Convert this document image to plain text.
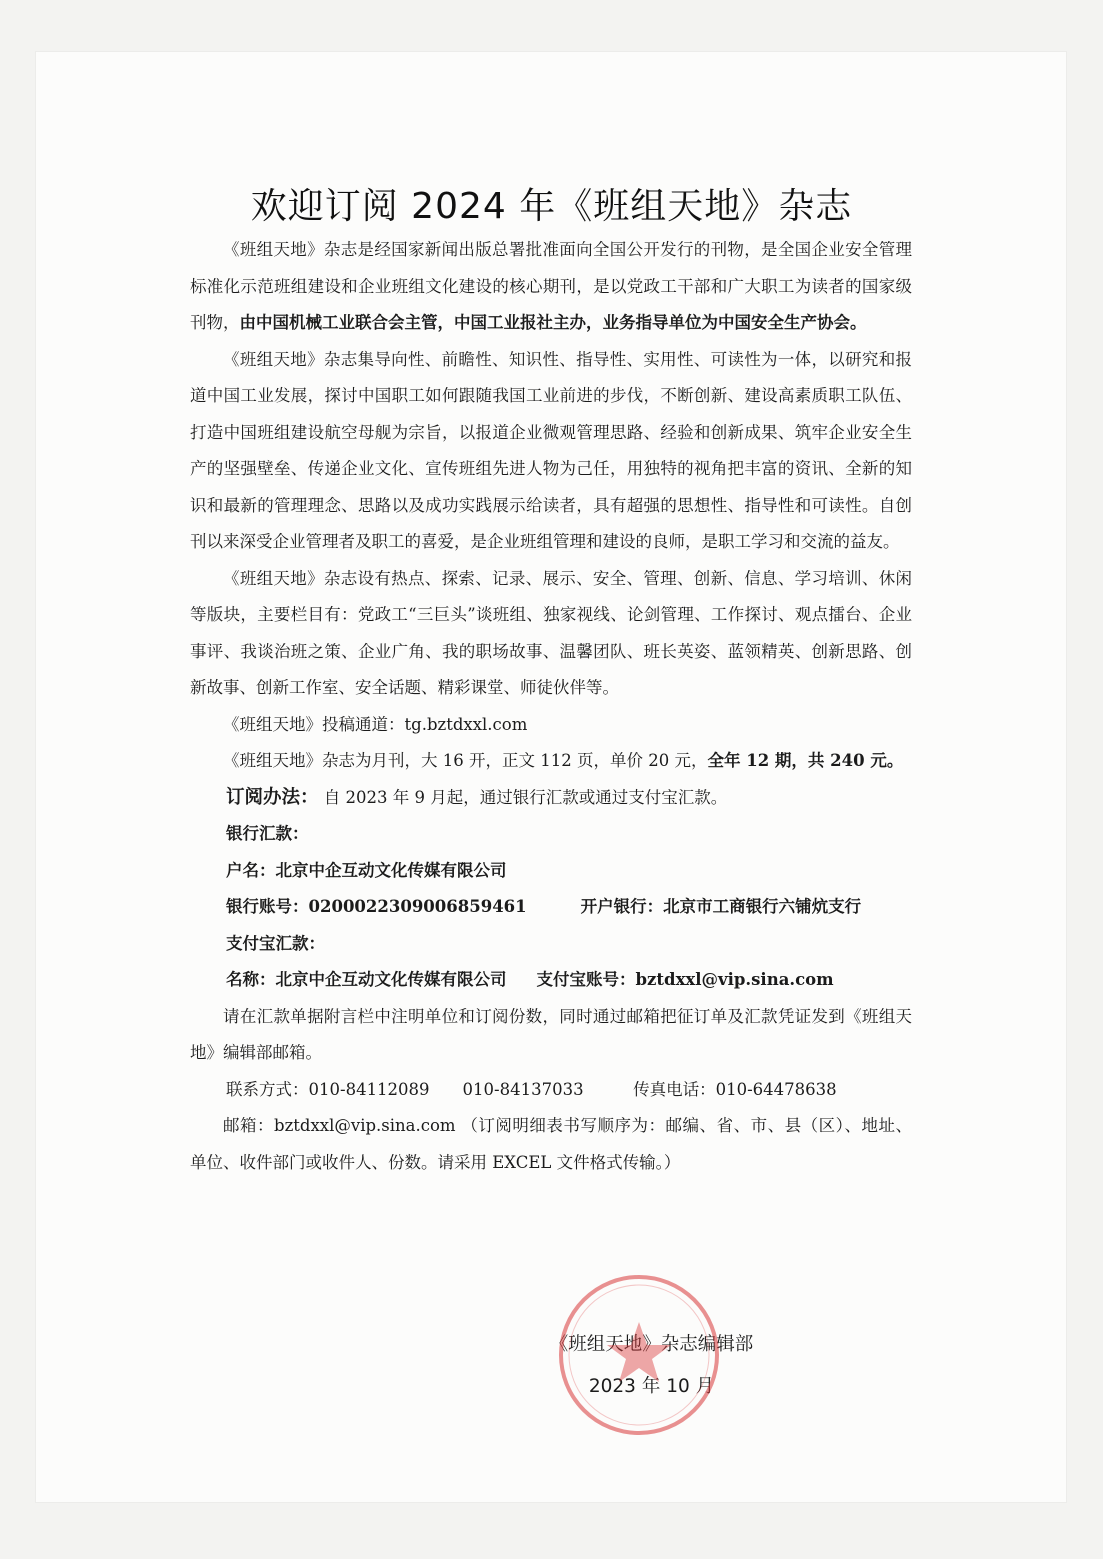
欢迎订阅 2024 年《班组天地》杂志

《班组天地》杂志是经国家新闻出版总署批准面向全国公开发行的刊物，是全国企业安全管理标准化示范班组建设和企业班组文化建设的核心期刊，是以党政工干部和广大职工为读者的国家级刊物，由中国机械工业联合会主管，中国工业报社主办，业务指导单位为中国安全生产协会。

《班组天地》杂志集导向性、前瞻性、知识性、指导性、实用性、可读性为一体，以研究和报道中国工业发展，探讨中国职工如何跟随我国工业前进的步伐，不断创新、建设高素质职工队伍、打造中国班组建设航空母舰为宗旨，以报道企业微观管理思路、经验和创新成果、筑牢企业安全生产的坚强壁垒、传递企业文化、宣传班组先进人物为己任，用独特的视角把丰富的资讯、全新的知识和最新的管理理念、思路以及成功实践展示给读者，具有超强的思想性、指导性和可读性。自创刊以来深受企业管理者及职工的喜爱，是企业班组管理和建设的良师，是职工学习和交流的益友。

《班组天地》杂志设有热点、探索、记录、展示、安全、管理、创新、信息、学习培训、休闲等版块，主要栏目有：党政工“三巨头”谈班组、独家视线、论剑管理、工作探讨、观点擂台、企业事评、我谈治班之策、企业广角、我的职场故事、温馨团队、班长英姿、蓝领精英、创新思路、创新故事、创新工作室、安全话题、精彩课堂、师徒伙伴等。

《班组天地》投稿通道：tg.bztdxxl.com

《班组天地》杂志为月刊，大 16 开，正文 112 页，单价 20 元，全年 12 期，共 240 元。

订阅办法： 自 2023 年 9 月起，通过银行汇款或通过支付宝汇款。

银行汇款：

户名：北京中企互动文化传媒有限公司

银行账号：0200022309006859461	开户银行：北京市工商银行六铺炕支行

支付宝汇款：

名称：北京中企互动文化传媒有限公司 支付宝账号：bztdxxl@vip.sina.com

请在汇款单据附言栏中注明单位和订阅份数，同时通过邮箱把征订单及汇款凭证发到《班组天地》编辑部邮箱。

联系方式：010-84112089　　010-84137033　　　传真电话：010-64478638

邮箱：bztdxxl@vip.sina.com （订阅明细表书写顺序为：邮编、省、市、县（区）、地址、单位、收件部门或收件人、份数。请采用 EXCEL 文件格式传输。）

《班组天地》杂志编辑部
2023 年 10 月
